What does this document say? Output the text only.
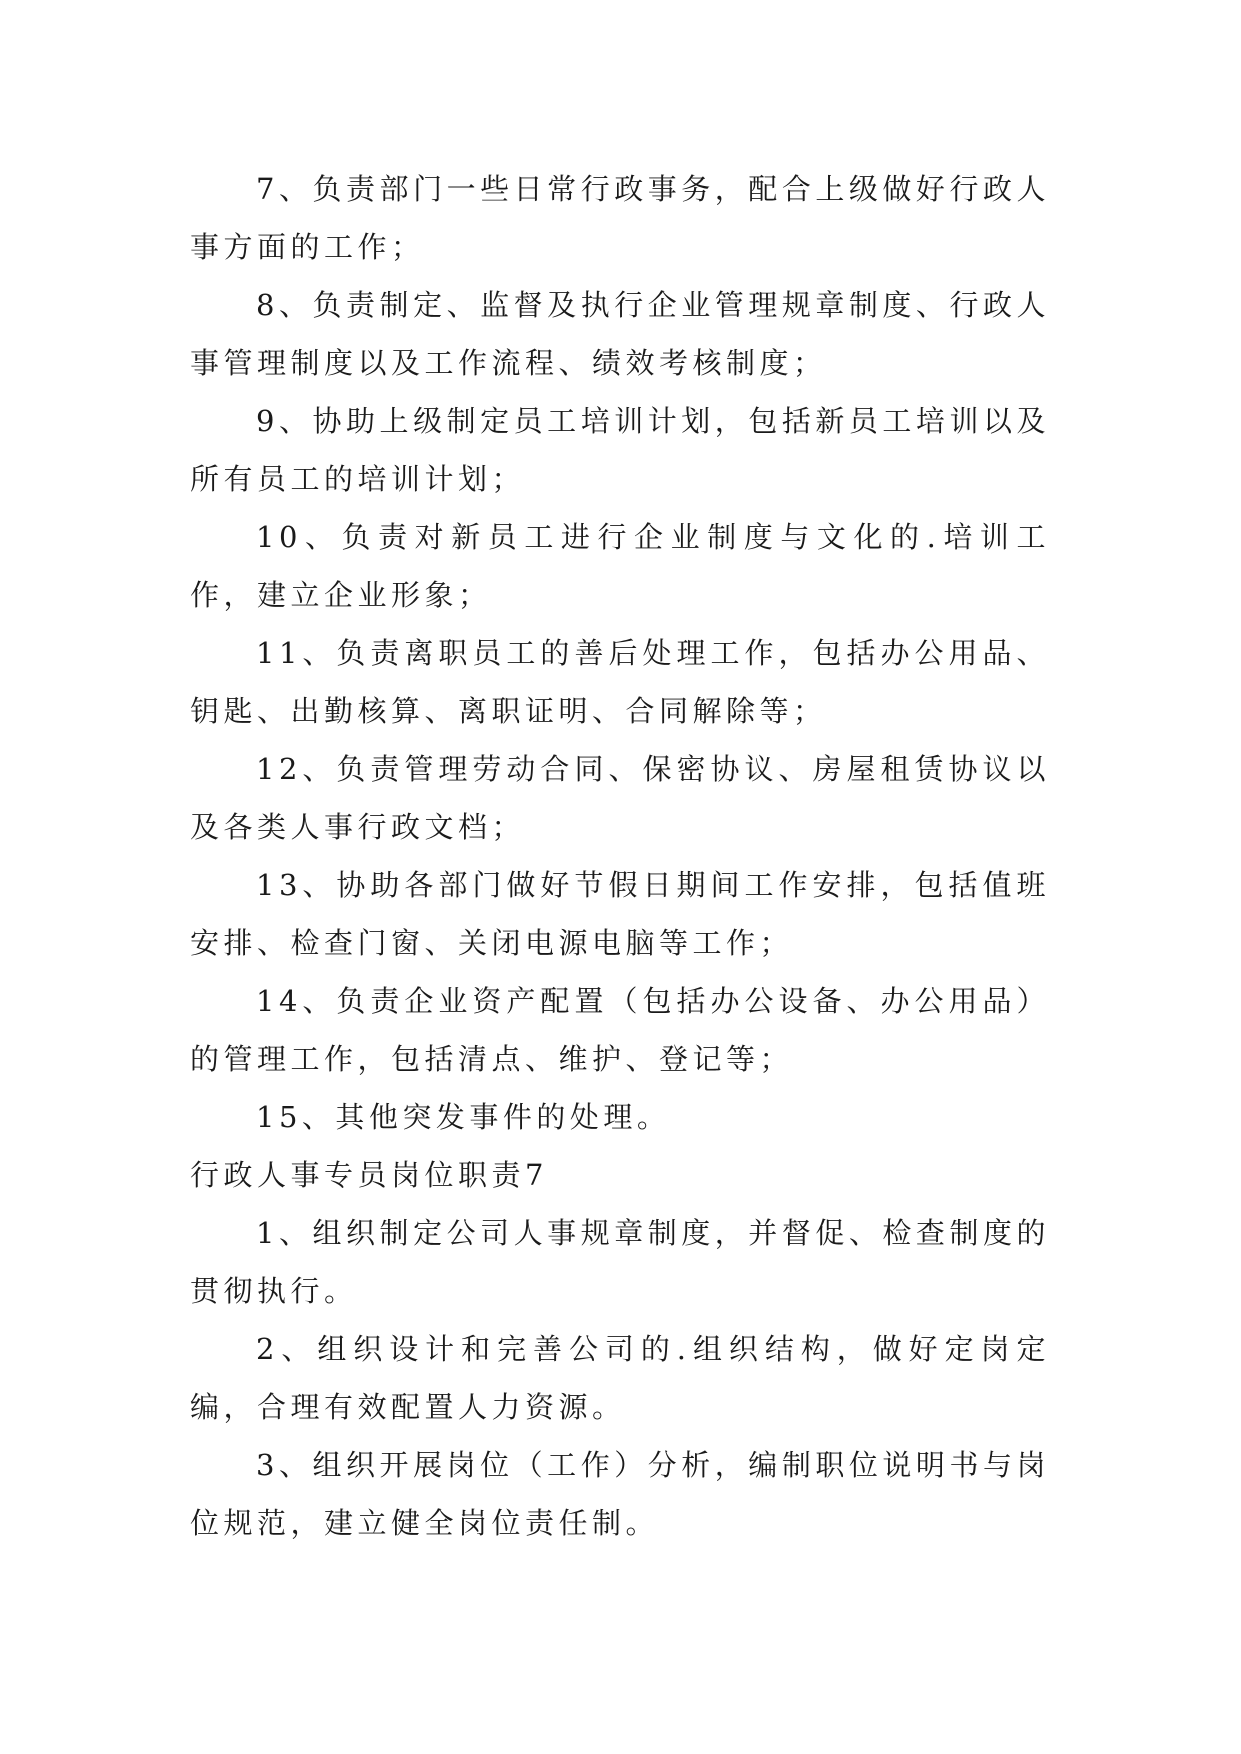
7、负责部门一些日常行政事务，配合上级做好行政人事方面的工作；

8、负责制定、监督及执行企业管理规章制度、行政人事管理制度以及工作流程、绩效考核制度；

9、协助上级制定员工培训计划，包括新员工培训以及所有员工的培训计划；

10、负责对新员工进行企业制度与文化的.培训工作，建立企业形象；

11、负责离职员工的善后处理工作，包括办公用品、钥匙、出勤核算、离职证明、合同解除等；

12、负责管理劳动合同、保密协议、房屋租赁协议以及各类人事行政文档；

13、协助各部门做好节假日期间工作安排，包括值班安排、检查门窗、关闭电源电脑等工作；

14、负责企业资产配置（包括办公设备、办公用品）的管理工作，包括清点、维护、登记等；

15、其他突发事件的处理。

行政人事专员岗位职责7

1、组织制定公司人事规章制度，并督促、检查制度的贯彻执行。

2、组织设计和完善公司的.组织结构，做好定岗定编，合理有效配置人力资源。

3、组织开展岗位（工作）分析，编制职位说明书与岗位规范，建立健全岗位责任制。
